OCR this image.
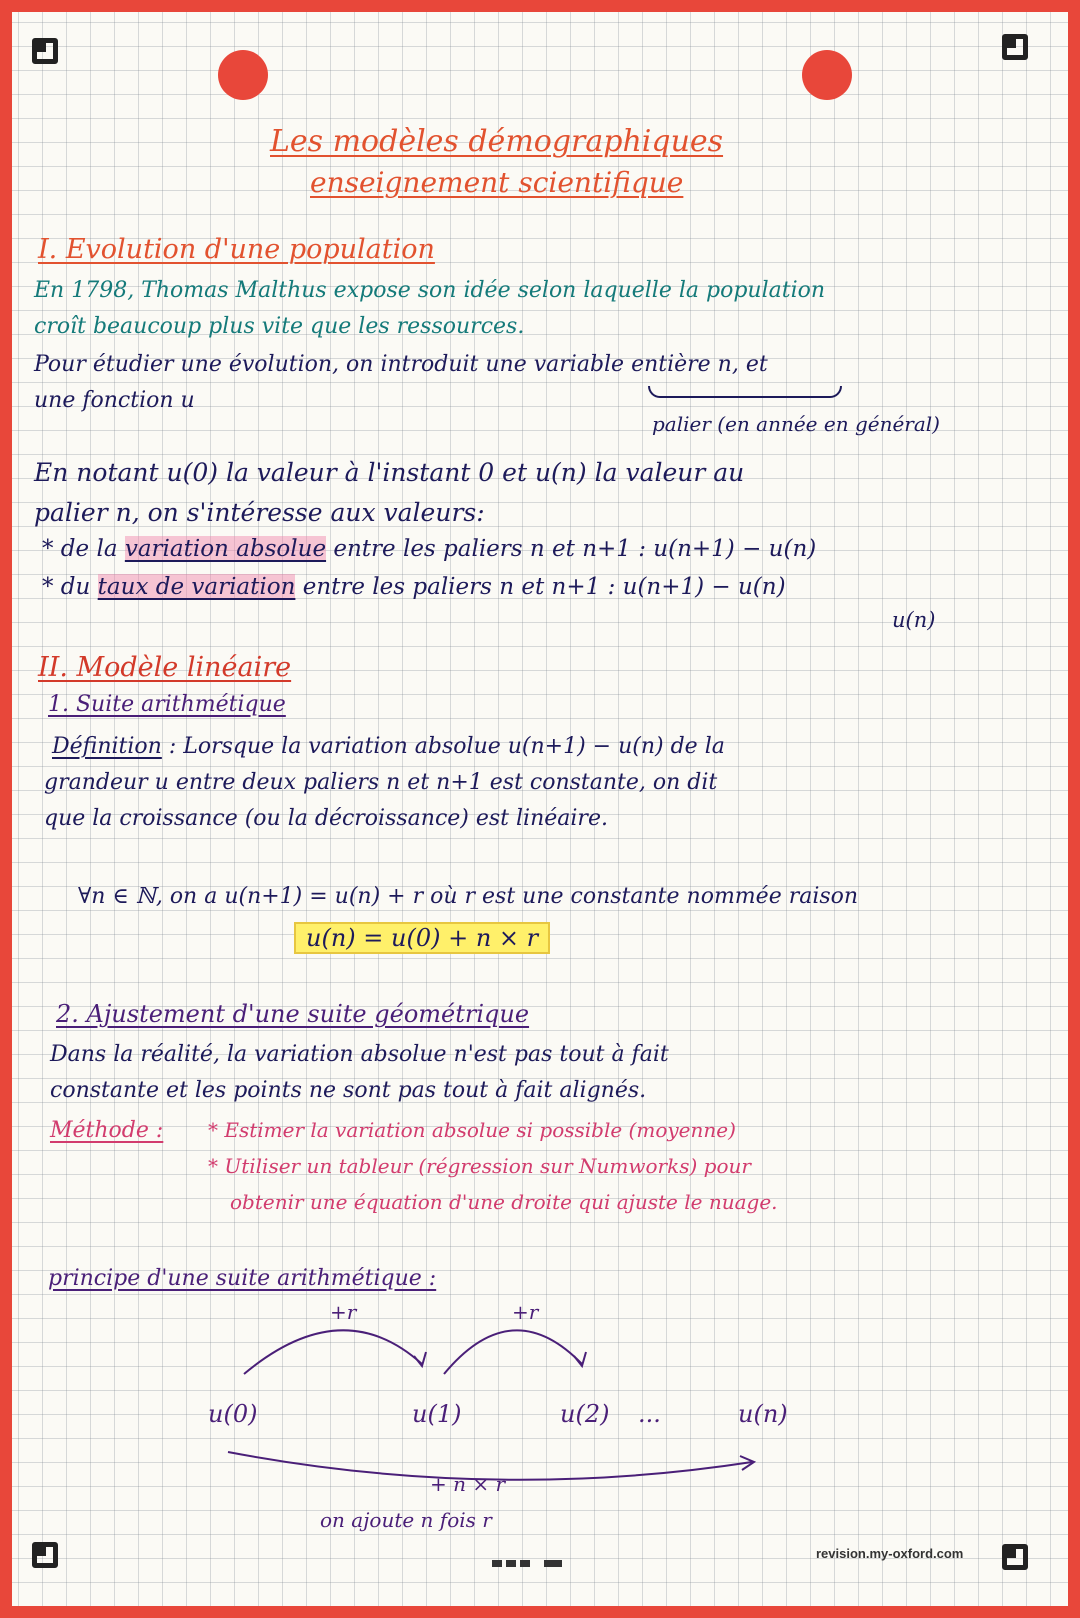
Les modèles démographiques
enseignement scientifique
I. Evolution d'une population
En 1798, Thomas Malthus expose son idée selon laquelle la population
croît beaucoup plus vite que les ressources.
Pour étudier une évolution, on introduit une variable entière n, et
une fonction u
palier (en année en général)
En notant u(0) la valeur à l'instant 0 et u(n) la valeur au
palier n, on s'intéresse aux valeurs:
* de la variation absolue entre les paliers n et n+1 : u(n+1) − u(n)
* du taux de variation entre les paliers n et n+1 : u(n+1) − u(n)
u(n)
II. Modèle linéaire
1. Suite arithmétique
Définition : Lorsque la variation absolue u(n+1) − u(n) de la
grandeur u entre deux paliers n et n+1 est constante, on dit
que la croissance (ou la décroissance) est linéaire.
∀n ∈ ℕ, on a u(n+1) = u(n) + r où r est une constante nommée raison
u(n) = u(0) + n × r
2. Ajustement d'une suite géométrique
Dans la réalité, la variation absolue n'est pas tout à fait
constante et les points ne sont pas tout à fait alignés.
Méthode : * Estimer la variation absolue si possible (moyenne)
* Utiliser un tableur (régression sur Numworks) pour
obtenir une équation d'une droite qui ajuste le nuage.
principe d'une suite arithmétique :
+r	+r
u(0)	u(1)	u(2) ...	u(n)
+ n × r
on ajoute n fois r
revision.my-oxford.com
